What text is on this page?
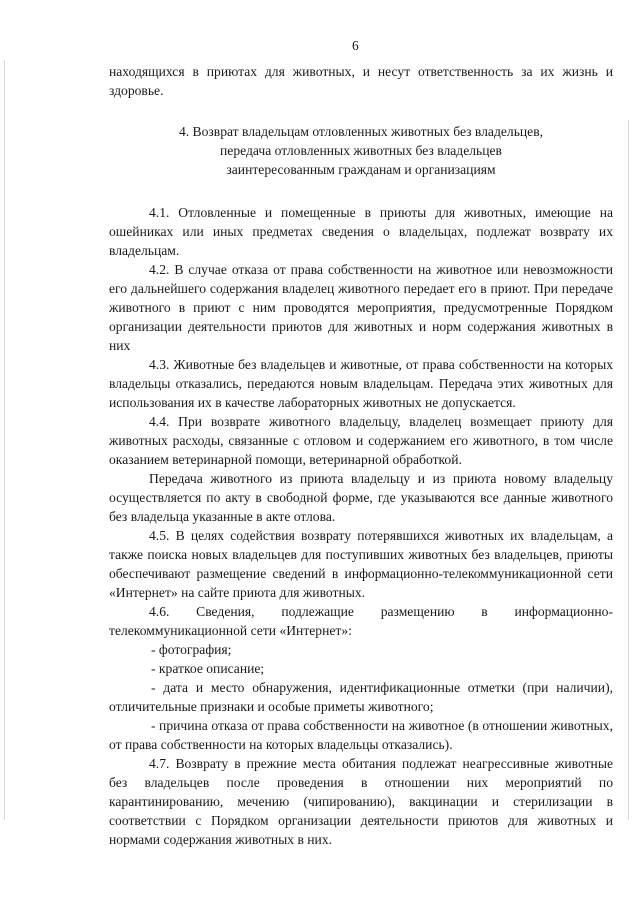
6

находящихся в приютах для животных, и несут ответственность за их жизнь и здоровье.

4. Возврат владельцам отловленных животных без владельцев,
передача отловленных животных без владельцев
заинтересованным гражданам и организациям

4.1. Отловленные и помещенные в приюты для животных, имеющие на ошейниках или иных предметах сведения о владельцах, подлежат возврату их владельцам.

4.2. В случае отказа от права собственности на животное или невозможности его дальнейшего содержания владелец животного передает его в приют. При передаче животного в приют с ним проводятся мероприятия, предусмотренные Порядком организации деятельности приютов для животных и норм содержания животных в них

4.3. Животные без владельцев и животные, от права собственности на которых владельцы отказались, передаются новым владельцам. Передача этих животных для использования их в качестве лабораторных животных не допускается.

4.4. При возврате животного владельцу, владелец возмещает приюту для животных расходы, связанные с отловом и содержанием его животного, в том числе оказанием ветеринарной помощи, ветеринарной обработкой.

Передача животного из приюта владельцу и из приюта новому владельцу осуществляется по акту в свободной форме, где указываются все данные животного без владельца указанные в акте отлова.

4.5. В целях содействия возврату потерявшихся животных их владельцам, а также поиска новых владельцев для поступивших животных без владельцев, приюты обеспечивают размещение сведений в информационно-телекоммуникационной сети «Интернет» на сайте приюта для животных.

4.6. Сведения, подлежащие размещению в информационно-телекоммуникационной сети «Интернет»:

- фотография;

- краткое описание;

- дата и место обнаружения, идентификационные отметки (при наличии), отличительные признаки и особые приметы животного;

- причина отказа от права собственности на животное (в отношении животных, от права собственности на которых владельцы отказались).

4.7. Возврату в прежние места обитания подлежат неагрессивные животные без владельцев после проведения в отношении них мероприятий по карантинированию, мечению (чипированию), вакцинации и стерилизации в соответствии с Порядком организации деятельности приютов для животных и нормами содержания животных в них.
